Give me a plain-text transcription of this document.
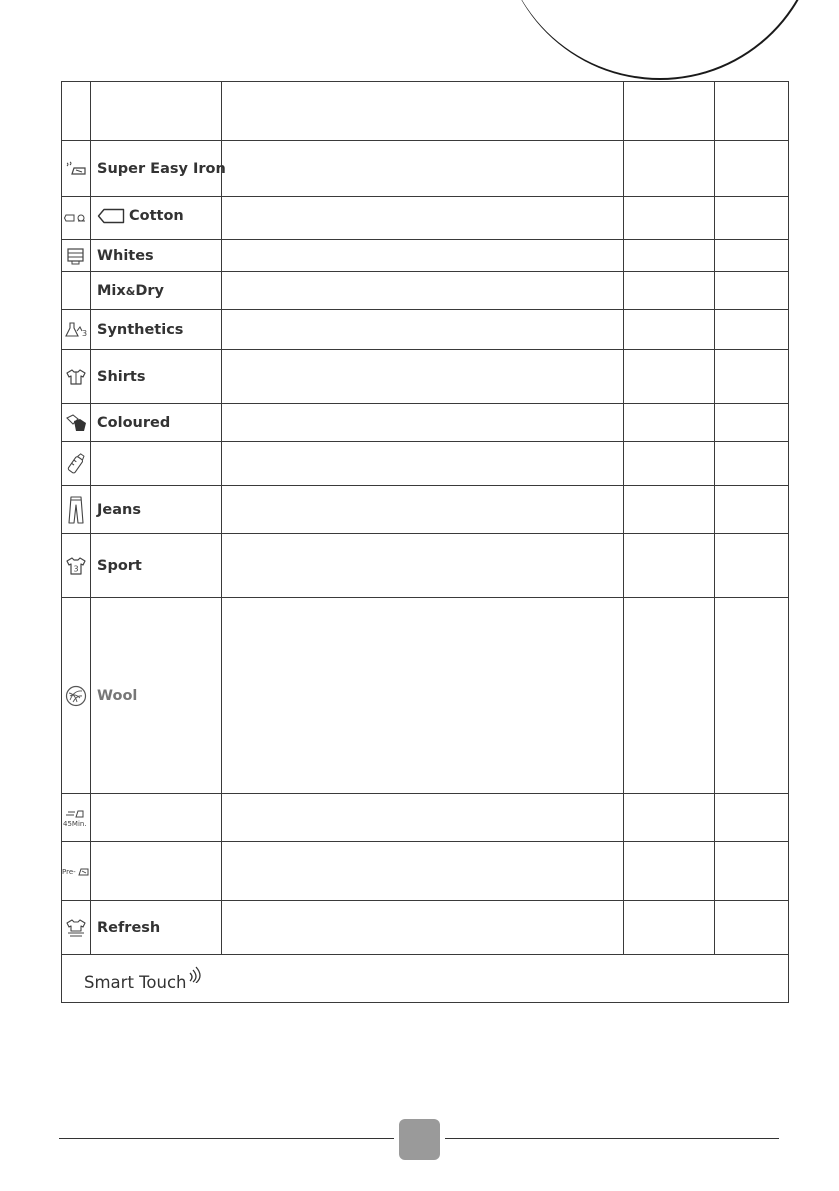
	Super Easy Iron			

Cotton			

	Whites			
	Mix&Dry			

3	Synthetics			

	Shirts			

	Coloured			

	Jeans			

3	Sport			

	Wool			

45Min.				

Pre-				

	Refresh			

Smart Touch				
